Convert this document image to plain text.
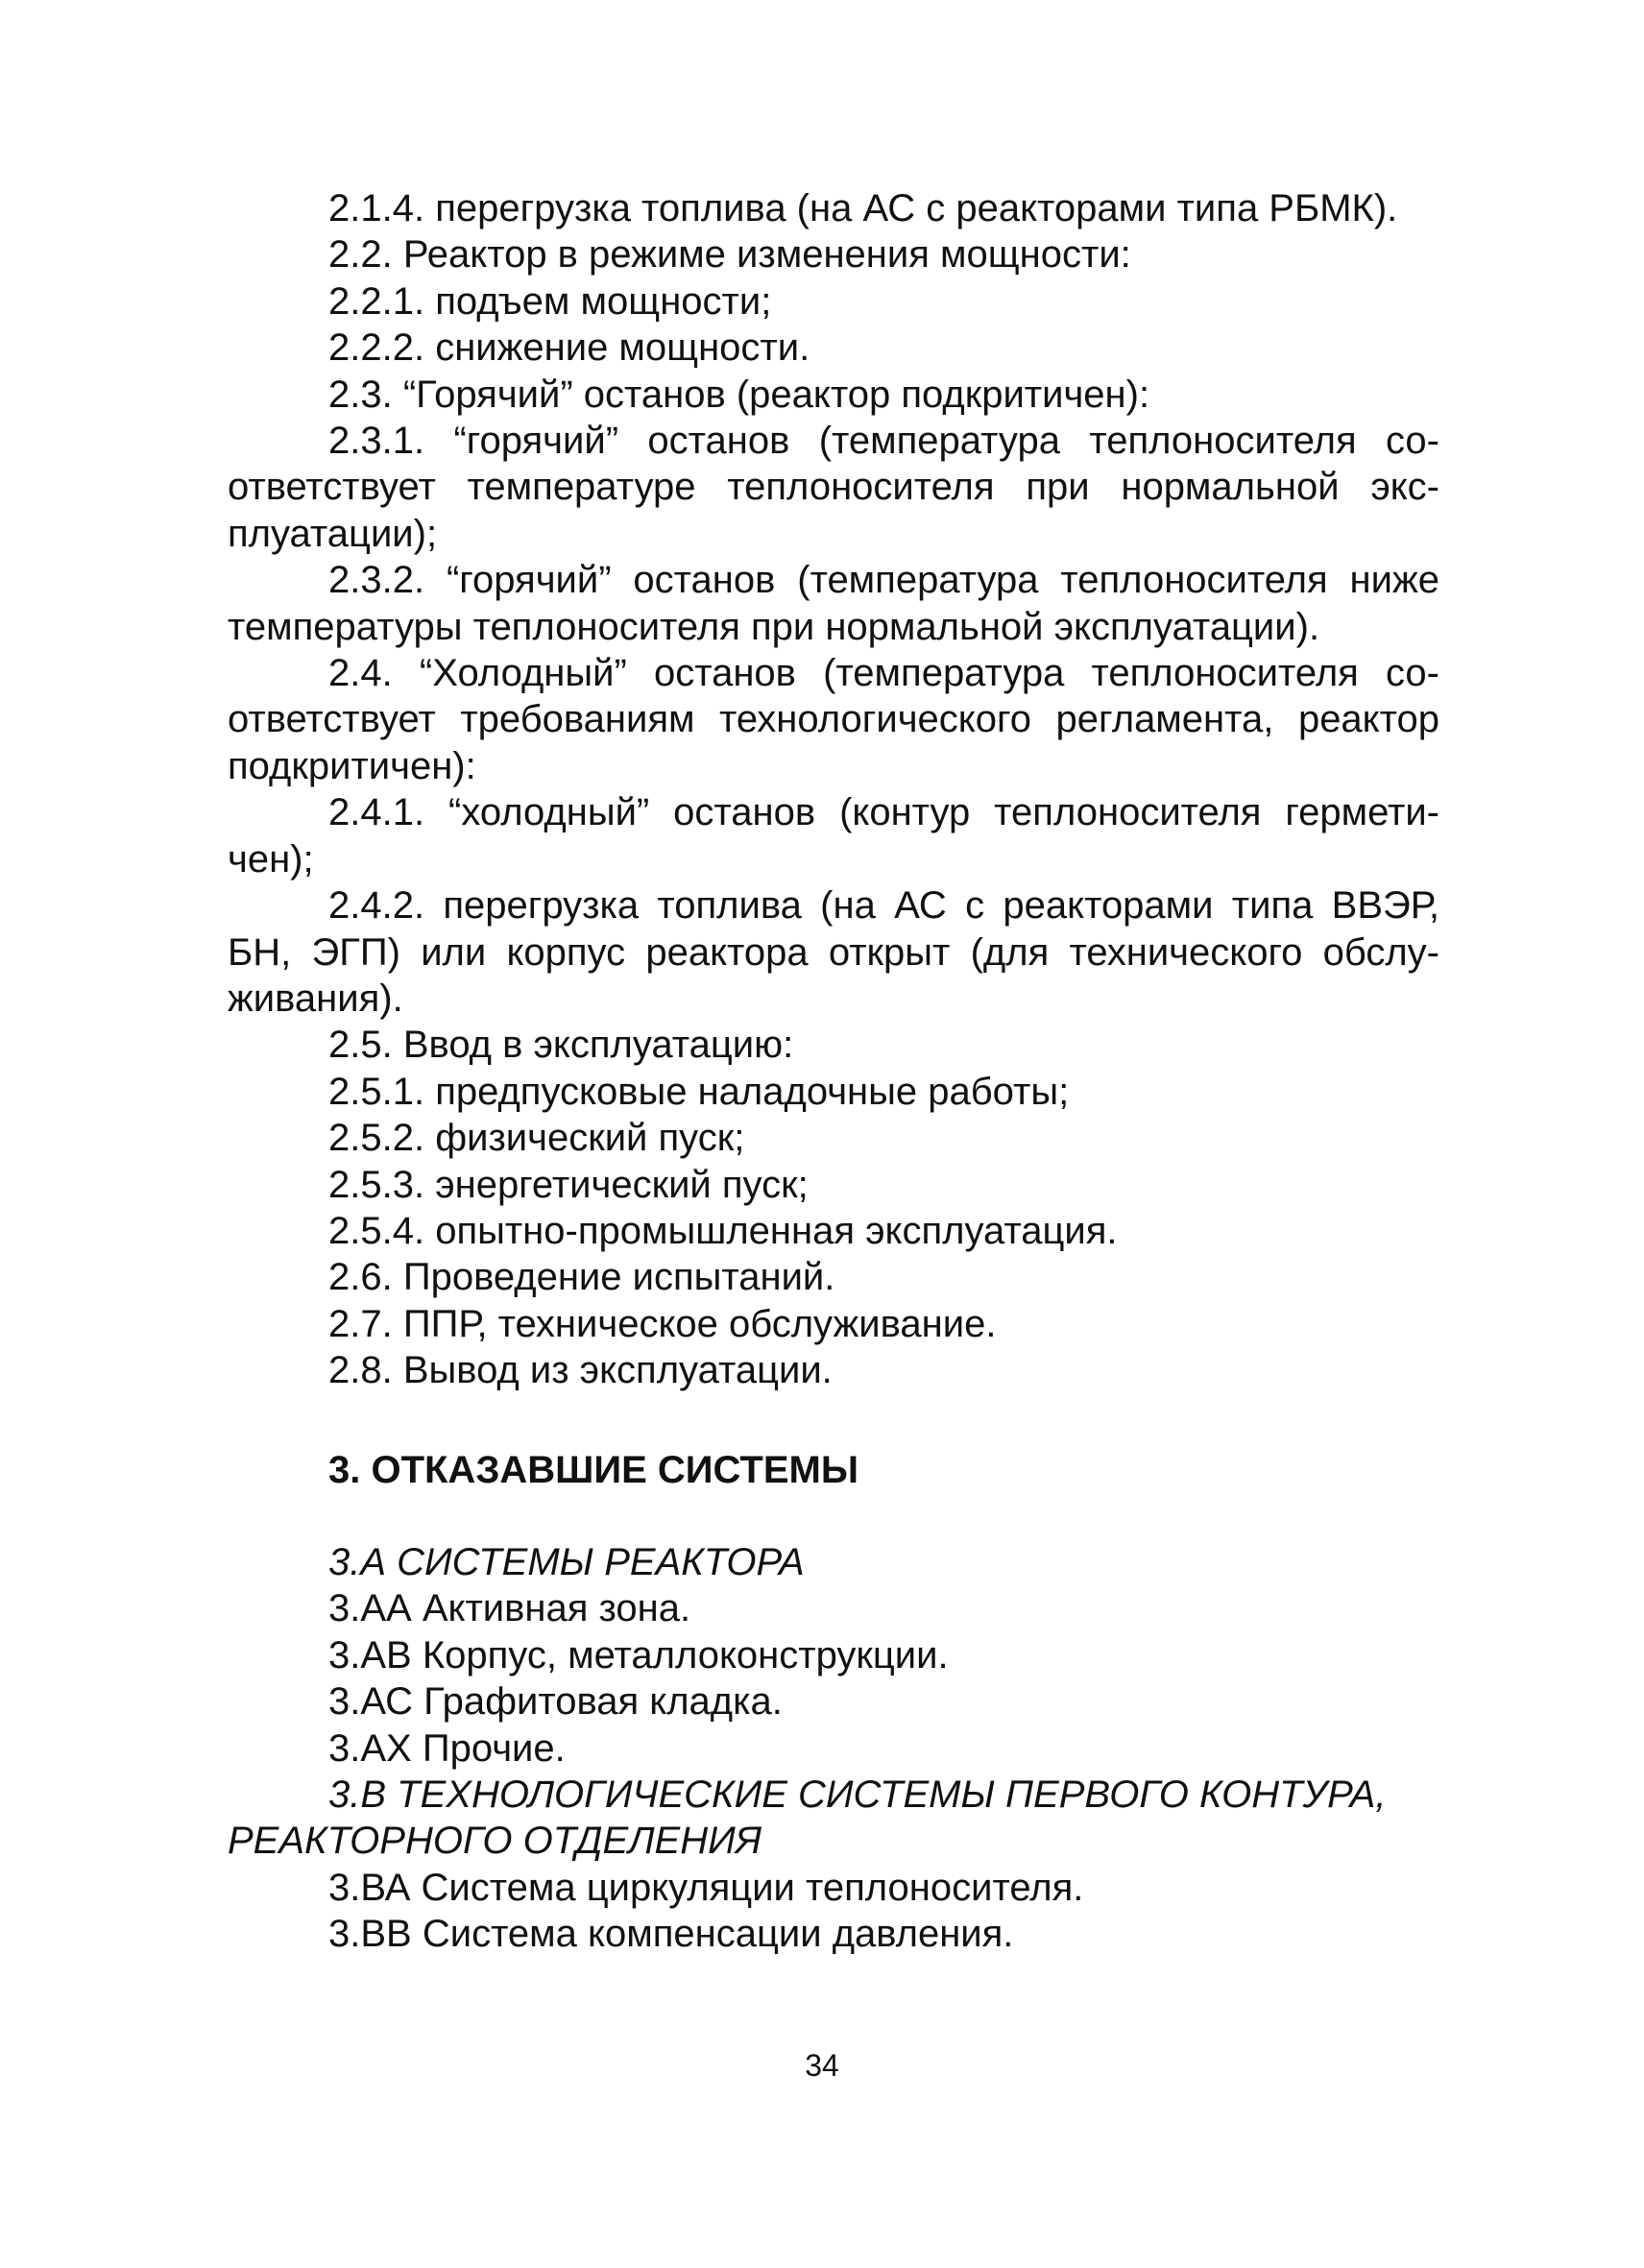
2.1.4. перегрузка топлива (на АС с реакторами типа РБМК).

2.2. Реактор в режиме изменения мощности:

2.2.1. подъем мощности;

2.2.2. снижение мощности.

2.3. “Горячий” останов (реактор подкритичен):

2.3.1. “горячий” останов (температура теплоносителя со-ответствует температуре теплоносителя при нормальной экс-плуатации);

2.3.2. “горячий” останов (температура теплоносителя ниже температуры теплоносителя при нормальной эксплуатации).

2.4. “Холодный” останов (температура теплоносителя со-ответствует требованиям технологического регламента, реактор подкритичен):

2.4.1. “холодный” останов (контур теплоносителя гермети-чен);

2.4.2. перегрузка топлива (на АС с реакторами типа ВВЭР, БН, ЭГП) или корпус реактора открыт (для технического обслу-живания).

2.5. Ввод в эксплуатацию:

2.5.1. предпусковые наладочные работы;

2.5.2. физический пуск;

2.5.3. энергетический пуск;

2.5.4. опытно-промышленная эксплуатация.

2.6. Проведение испытаний.

2.7. ППР, техническое обслуживание.

2.8. Вывод из эксплуатации.

3. ОТКАЗАВШИЕ СИСТЕМЫ

3.А СИСТЕМЫ РЕАКТОРА

3.АА Активная зона.

3.АВ Корпус, металлоконструкции.

3.АС Графитовая кладка.

3.АХ Прочие.

3.В ТЕХНОЛОГИЧЕСКИЕ СИСТЕМЫ ПЕРВОГО КОНТУРА, РЕАКТОРНОГО ОТДЕЛЕНИЯ

3.ВА Система циркуляции теплоносителя.

3.ВВ Система компенсации давления.

34
